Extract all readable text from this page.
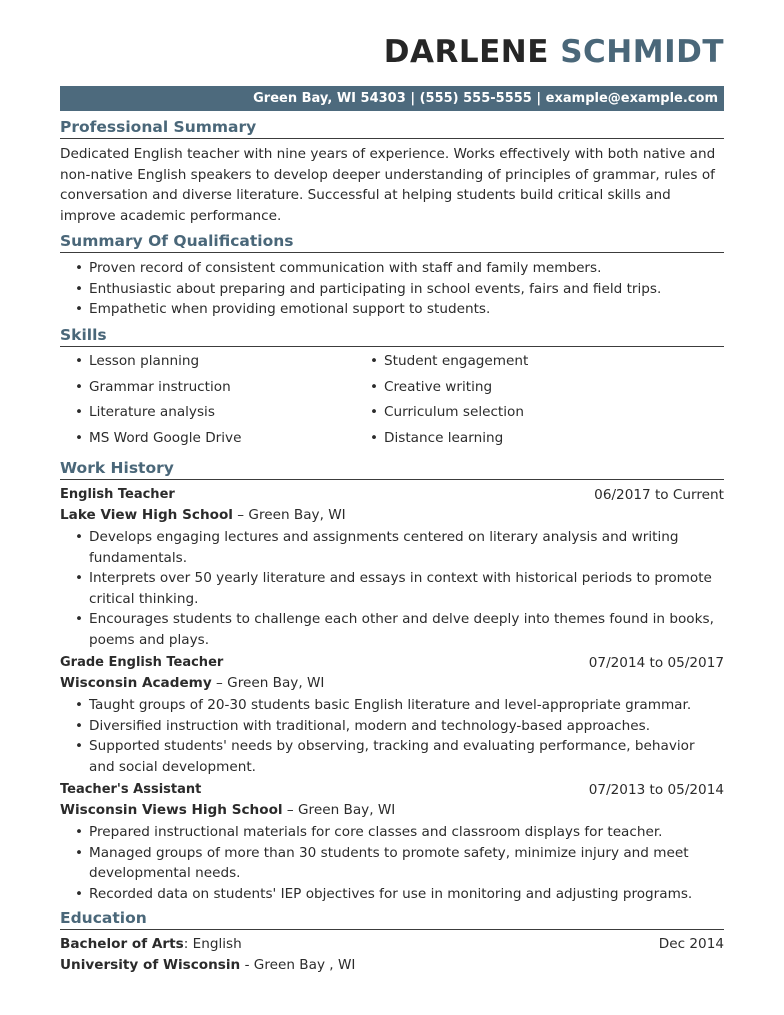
DARLENE SCHMIDT
Green Bay, WI 54303 | (555) 555-5555 | example@example.com
Professional Summary
Dedicated English teacher with nine years of experience. Works effectively with both native and non-native English speakers to develop deeper understanding of principles of grammar, rules of conversation and diverse literature. Successful at helping students build critical skills and improve academic performance.
Summary Of Qualifications
• Proven record of consistent communication with staff and family members.
• Enthusiastic about preparing and participating in school events, fairs and field trips.
• Empathetic when providing emotional support to students.
Skills
• Lesson planning	• Student engagement
• Grammar instruction	• Creative writing
• Literature analysis	• Curriculum selection
• MS Word Google Drive	• Distance learning
Work History
English Teacher	06/2017 to Current
Lake View High School – Green Bay, WI
• Develops engaging lectures and assignments centered on literary analysis and writing fundamentals.
• Interprets over 50 yearly literature and essays in context with historical periods to promote critical thinking.
• Encourages students to challenge each other and delve deeply into themes found in books, poems and plays.
Grade English Teacher	07/2014 to 05/2017
Wisconsin Academy – Green Bay, WI
• Taught groups of 20-30 students basic English literature and level-appropriate grammar.
• Diversified instruction with traditional, modern and technology-based approaches.
• Supported students' needs by observing, tracking and evaluating performance, behavior and social development.
Teacher's Assistant	07/2013 to 05/2014
Wisconsin Views High School – Green Bay, WI
• Prepared instructional materials for core classes and classroom displays for teacher.
• Managed groups of more than 30 students to promote safety, minimize injury and meet developmental needs.
• Recorded data on students' IEP objectives for use in monitoring and adjusting programs.
Education
Bachelor of Arts: English	Dec 2014
University of Wisconsin - Green Bay , WI
